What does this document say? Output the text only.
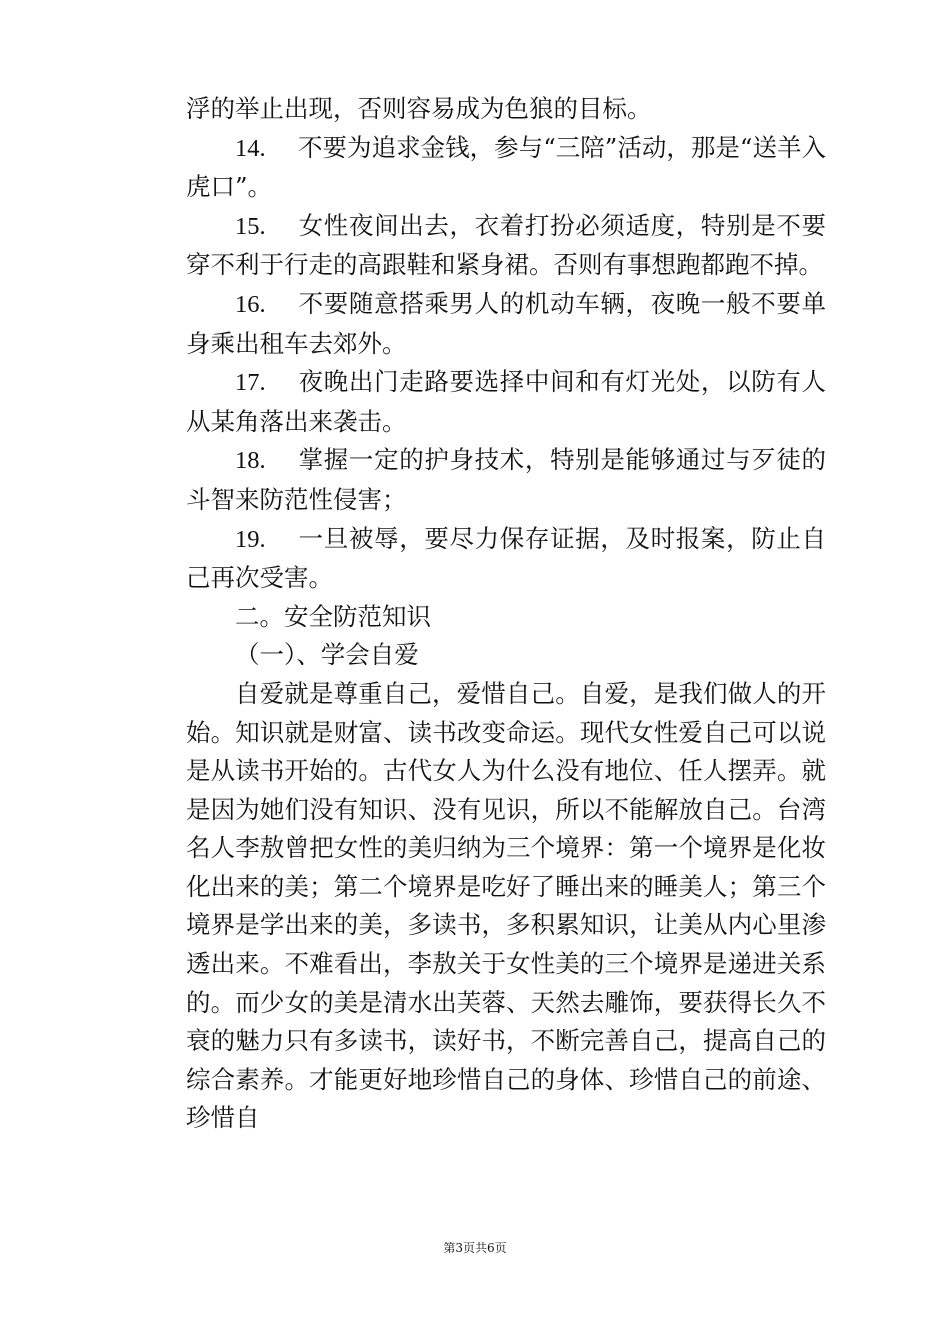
浮的举止出现，否则容易成为色狼的目标。

14. 不要为追求金钱，参与“三陪”活动，那是“送羊入虎口”。

15. 女性夜间出去，衣着打扮必须适度，特别是不要穿不利于行走的高跟鞋和紧身裙。否则有事想跑都跑不掉。

16. 不要随意搭乘男人的机动车辆，夜晚一般不要单身乘出租车去郊外。

17. 夜晚出门走路要选择中间和有灯光处，以防有人从某角落出来袭击。

18. 掌握一定的护身技术，特别是能够通过与歹徒的斗智来防范性侵害；

19. 一旦被辱，要尽力保存证据，及时报案，防止自己再次受害。

二。安全防范知识

（一）、学会自爱

自爱就是尊重自己，爱惜自己。自爱，是我们做人的开始。知识就是财富、读书改变命运。现代女性爱自己可以说是从读书开始的。古代女人为什么没有地位、任人摆弄。就是因为她们没有知识、没有见识，所以不能解放自己。台湾名人李敖曾把女性的美归纳为三个境界：第一个境界是化妆化出来的美；第二个境界是吃好了睡出来的睡美人；第三个境界是学出来的美，多读书，多积累知识，让美从内心里渗透出来。不难看出，李敖关于女性美的三个境界是递进关系的。而少女的美是清水出芙蓉、天然去雕饰，要获得长久不衰的魅力只有多读书，读好书，不断完善自己，提高自己的综合素养。才能更好地珍惜自己的身体、珍惜自己的前途、珍惜自

第3页共6页
